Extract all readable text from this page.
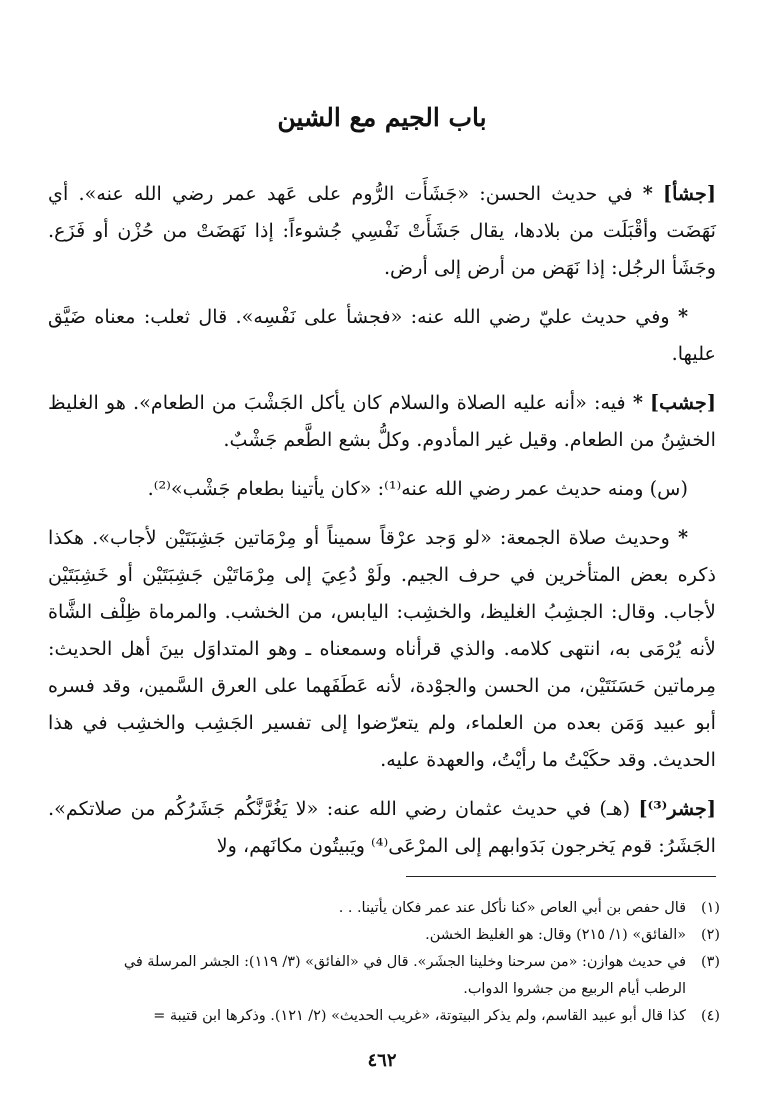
باب الجيم مع الشين

[جشأ] * في حديث الحسن: «جَشَأَت الرُّوم على عَهد عمر رضي الله عنه». أي نَهَضَت وأقْبَلَت من بلادها، يقال جَشَأَتْ نَفْسِي جُشوءاً: إذا نَهَضَتْ من حُزْن أو فَزَع. وجَشَأ الرجُل: إذا نَهَض من أرض إلى أرض.

* وفي حديث عليّ رضي الله عنه: «فجشأ على نَفْسِه». قال ثعلب: معناه ضَيَّق عليها.

[جشب] * فيه: «أنه عليه الصلاة والسلام كان يأكل الجَشْبَ من الطعام». هو الغليظ الخشِنُ من الطعام. وقيل غير المأدوم. وكلُّ بشع الطَّعم جَشْبٌ.

(س) ومنه حديث عمر رضي الله عنه⁽¹⁾: «كان يأتينا بطعام جَشْب»⁽²⁾.

* وحديث صلاة الجمعة: «لو وَجد عرْقاً سميناً أو مِرْمَاتين جَشِبَتَيْن لأجاب». هكذا ذكره بعض المتأخرين في حرف الجيم. ولَوْ دُعِيَ إلى مِرْمَاتَيْن جَشِبَتَيْن أو خَشِبَتَيْن لأجاب. وقال: الجشِبُ الغليظ، والخشِب: اليابس، من الخشب. والمرماة ظِلْف الشَّاة لأنه يُرْمَى به، انتهى كلامه. والذي قرأناه وسمعناه ـ وهو المتداوَل بينَ أهل الحديث: مِرماتين حَسَنَتَيْن، من الحسن والجوْدة، لأنه عَطَفَهما على العرق السَّمين، وقد فسره أبو عبيد وَمَن بعده من العلماء، ولم يتعرّضوا إلى تفسير الجَشِب والخشِب في هذا الحديث. وقد حكَيْتُ ما رأيْتُ، والعهدة عليه.

[جشر⁽³⁾] (هـ) في حديث عثمان رضي الله عنه: «لا يَغُرَّنَّكُم جَشَرُكُم من صلاتكم». الجَشَرُ: قوم يَخرجون بَدَوابهم إلى المرْعَى⁽⁴⁾ ويَبيتُون مكانَهم، ولا

(١)قال حفص بن أبي العاص «كنا نأكل عند عمر فكان يأتينا. . .

(٢)«الفائق» (١/ ٢١٥) وقال: هو الغليظ الخشن.

(٣)في حديث هوازن: «من سرحنا وخلينا الجشَر». قال في «الفائق» (٣/ ١١٩): الجشر المرسلة في

الرطب أيام الربيع من جشروا الدواب.

(٤)كذا قال أبو عبيد القاسم، ولم يذكر البيتوتة، «غريب الحديث» (٢/ ١٢١). وذكرها ابن قتيبة =

٤٦٢
